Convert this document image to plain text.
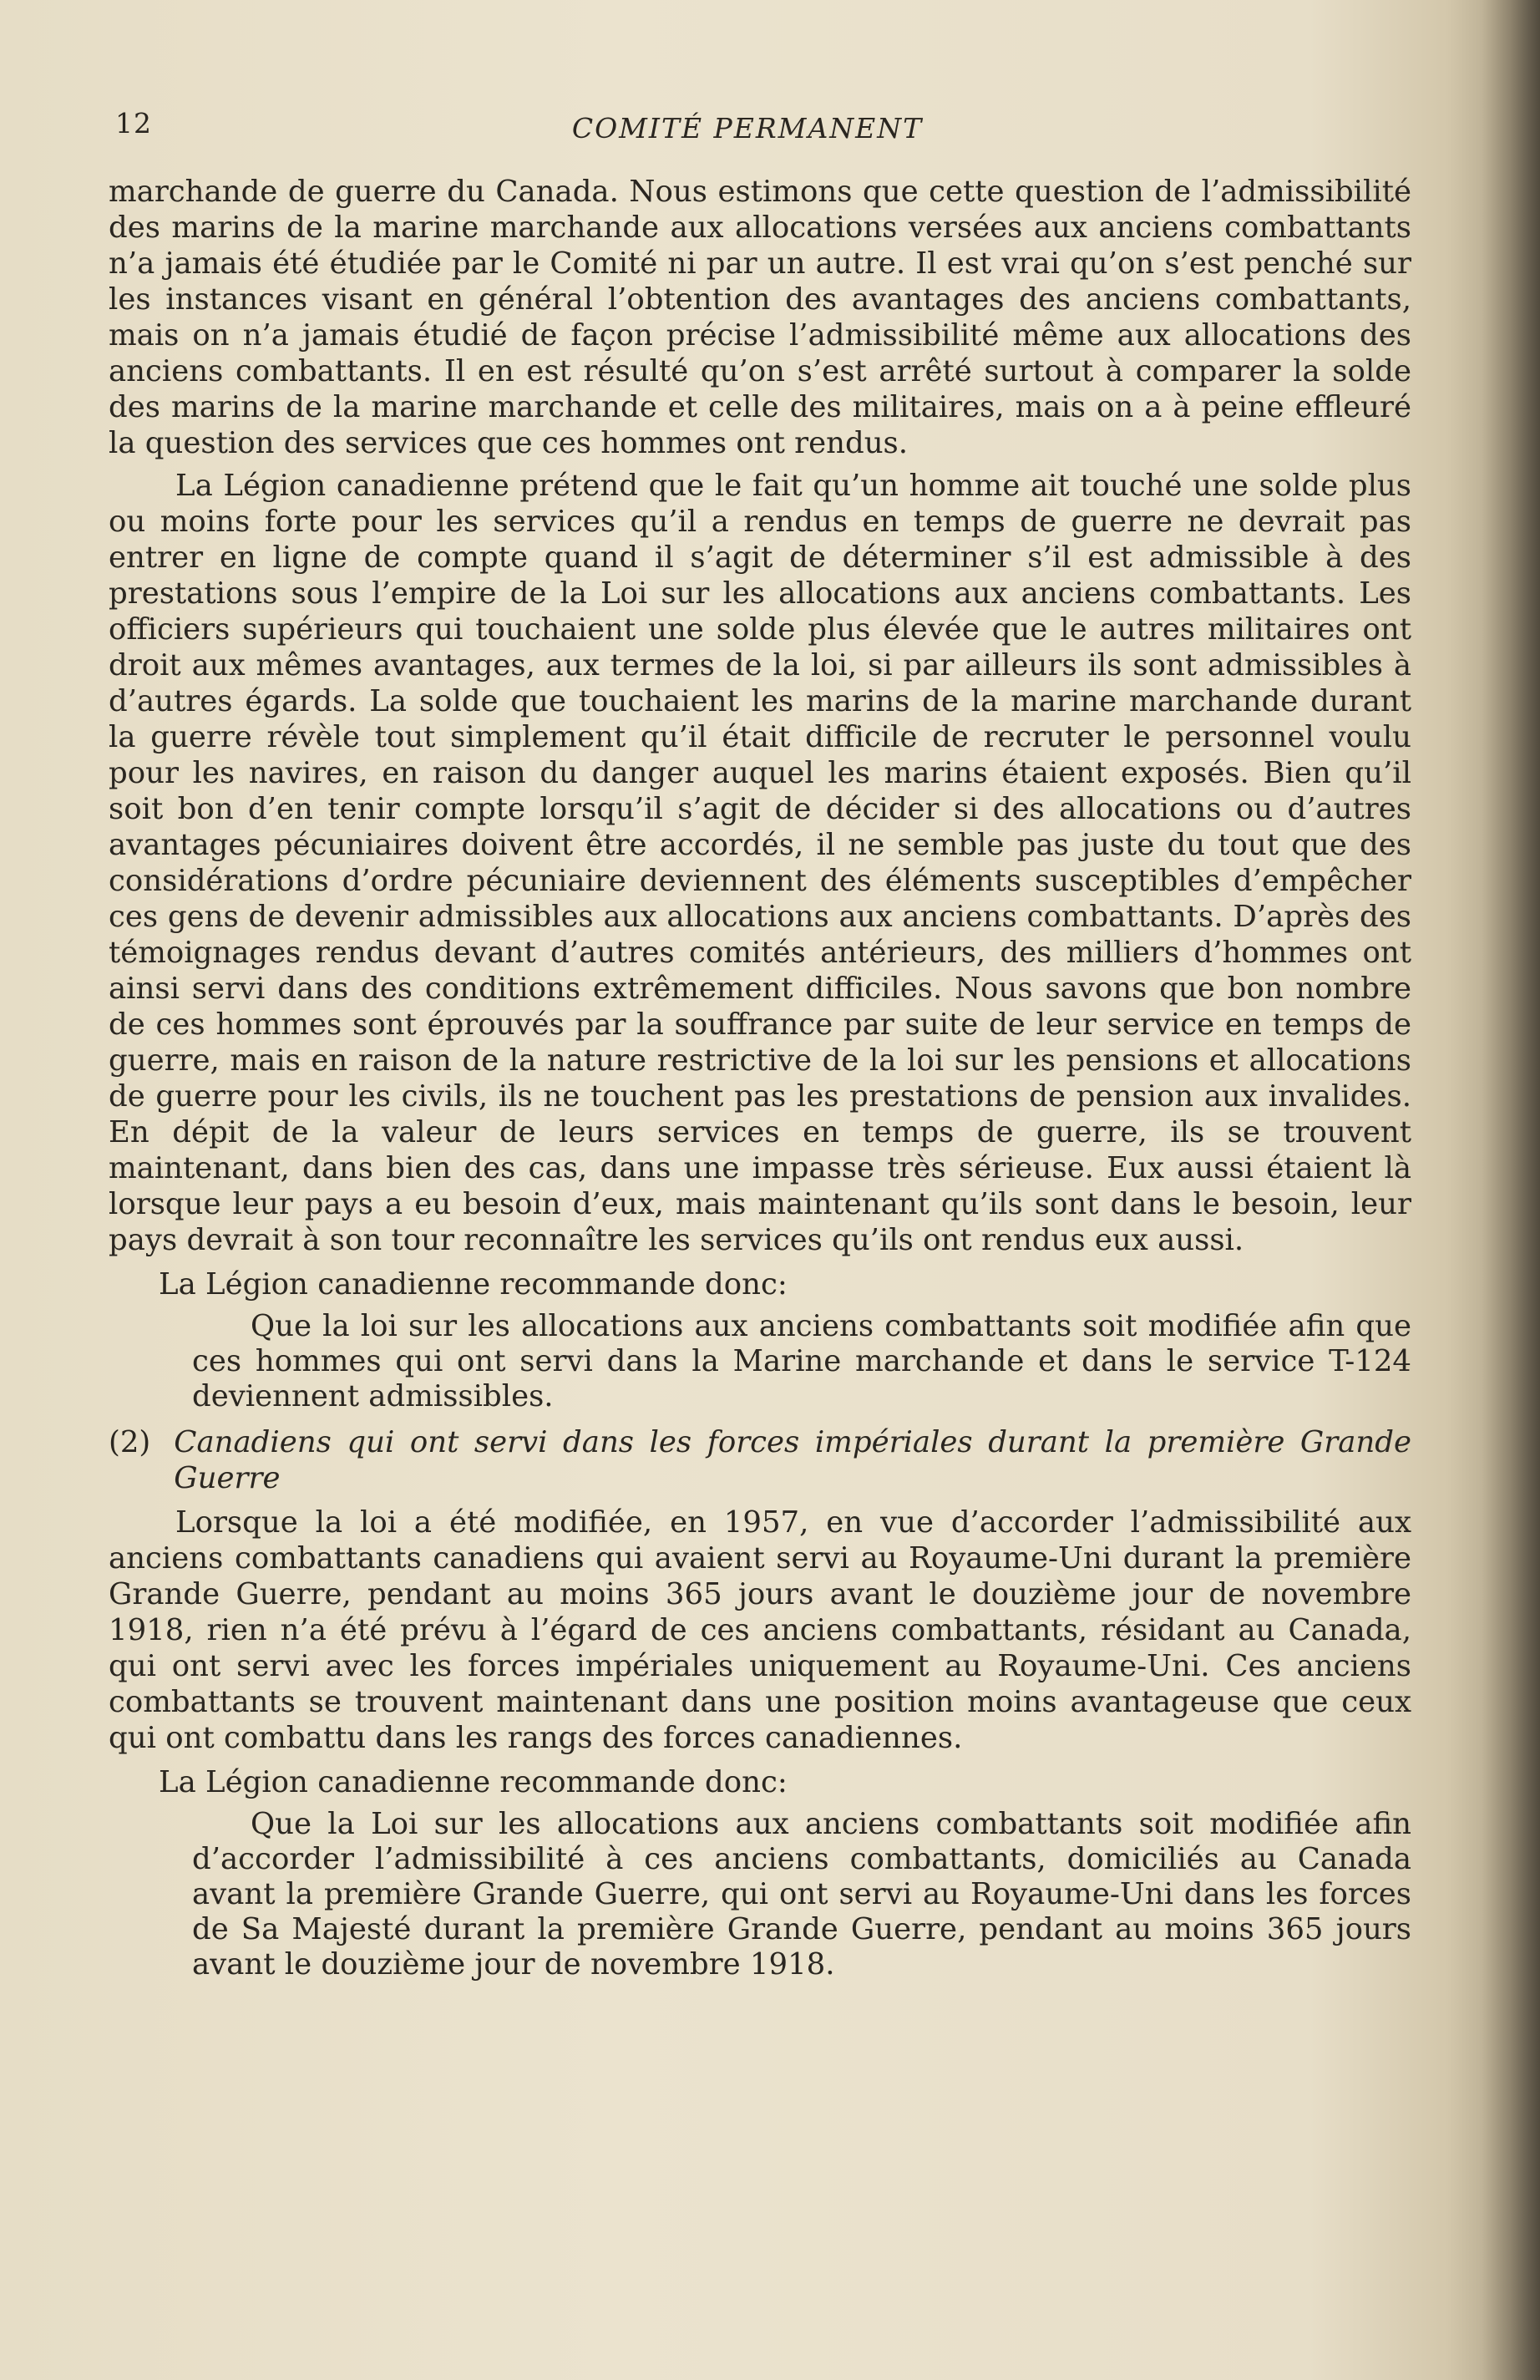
12	COMITÉ PERMANENT

marchande de guerre du Canada. Nous estimons que cette question de l’admissibilité des marins de la marine marchande aux allocations versées aux anciens combattants n’a jamais été étudiée par le Comité ni par un autre. Il est vrai qu’on s’est penché sur les instances visant en général l’obtention des avantages des anciens combattants, mais on n’a jamais étudié de façon précise l’admissibilité même aux allocations des anciens combattants. Il en est résulté qu’on s’est arrêté surtout à comparer la solde des marins de la marine marchande et celle des militaires, mais on a à peine effleuré la question des services que ces hommes ont rendus.

La Légion canadienne prétend que le fait qu’un homme ait touché une solde plus ou moins forte pour les services qu’il a rendus en temps de guerre ne devrait pas entrer en ligne de compte quand il s’agit de déterminer s’il est admissible à des prestations sous l’empire de la Loi sur les allocations aux anciens combattants. Les officiers supérieurs qui touchaient une solde plus élevée que le autres militaires ont droit aux mêmes avantages, aux termes de la loi, si par ailleurs ils sont admissibles à d’autres égards. La solde que touchaient les marins de la marine marchande durant la guerre révèle tout simplement qu’il était difficile de recruter le personnel voulu pour les navires, en raison du danger auquel les marins étaient exposés. Bien qu’il soit bon d’en tenir compte lorsqu’il s’agit de décider si des allocations ou d’autres avantages pécuniaires doivent être accordés, il ne semble pas juste du tout que des considérations d’ordre pécuniaire deviennent des éléments susceptibles d’empêcher ces gens de devenir admissibles aux allocations aux anciens combattants. D’après des témoignages rendus devant d’autres comités antérieurs, des milliers d’hommes ont ainsi servi dans des conditions extrêmement difficiles. Nous savons que bon nombre de ces hommes sont éprouvés par la souffrance par suite de leur service en temps de guerre, mais en raison de la nature restrictive de la loi sur les pensions et allocations de guerre pour les civils, ils ne touchent pas les prestations de pension aux invalides. En dépit de la valeur de leurs services en temps de guerre, ils se trouvent maintenant, dans bien des cas, dans une impasse très sérieuse. Eux aussi étaient là lorsque leur pays a eu besoin d’eux, mais maintenant qu’ils sont dans le besoin, leur pays devrait à son tour reconnaître les services qu’ils ont rendus eux aussi.

La Légion canadienne recommande donc:

Que la loi sur les allocations aux anciens combattants soit modifiée afin que ces hommes qui ont servi dans la Marine marchande et dans le service T-124 deviennent admissibles.

(2) Canadiens qui ont servi dans les forces impériales durant la première Grande Guerre

Lorsque la loi a été modifiée, en 1957, en vue d’accorder l’admissibilité aux anciens combattants canadiens qui avaient servi au Royaume-Uni durant la première Grande Guerre, pendant au moins 365 jours avant le douzième jour de novembre 1918, rien n’a été prévu à l’égard de ces anciens combattants, résidant au Canada, qui ont servi avec les forces impériales uniquement au Royaume-Uni. Ces anciens combattants se trouvent maintenant dans une position moins avantageuse que ceux qui ont combattu dans les rangs des forces canadiennes.

La Légion canadienne recommande donc:

Que la Loi sur les allocations aux anciens combattants soit modifiée afin d’accorder l’admissibilité à ces anciens combattants, domiciliés au Canada avant la première Grande Guerre, qui ont servi au Royaume-Uni dans les forces de Sa Majesté durant la première Grande Guerre, pendant au moins 365 jours avant le douzième jour de novembre 1918.
